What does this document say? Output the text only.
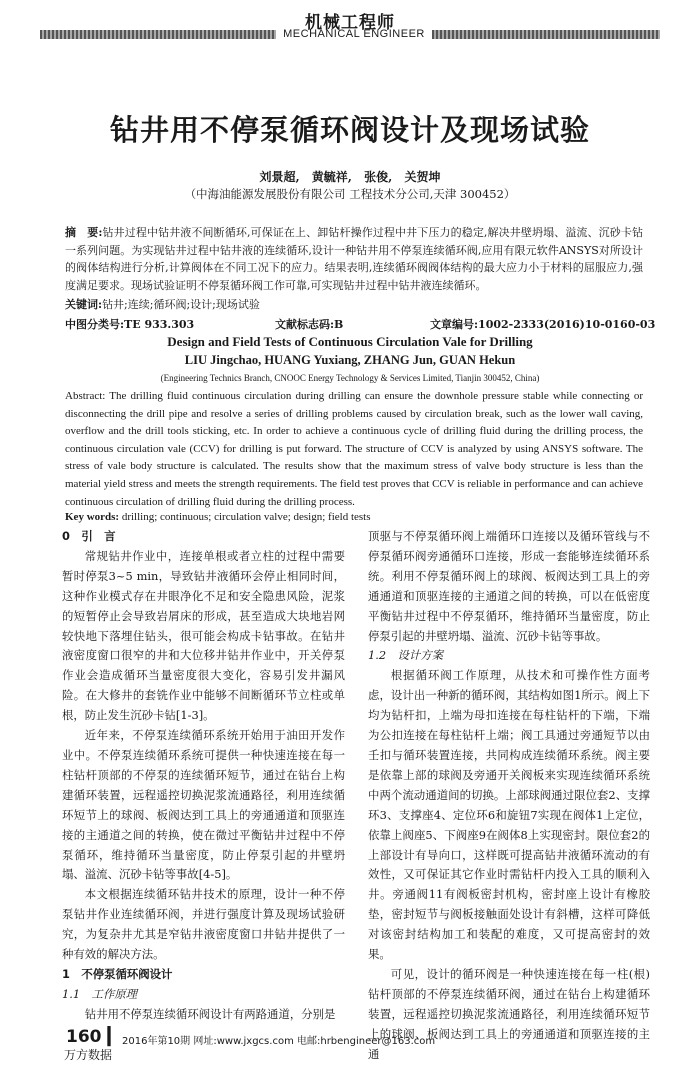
机械工程师
MECHANICAL ENGINEER
钻井用不停泵循环阀设计及现场试验
刘景超, 黄毓祥, 张俊, 关贺坤
（中海油能源发展股份有限公司 工程技术分公司,天津 300452）
摘　要:钻井过程中钻井液不间断循环,可保证在上、卸钻杆操作过程中井下压力的稳定,解决井壁坍塌、溢流、沉砂卡钻一系列问题。为实现钻井过程中钻井液的连续循环,设计一种钻井用不停泵连续循环阀,应用有限元软件ANSYS对所设计的阀体结构进行分析,计算阀体在不同工况下的应力。结果表明,连续循环阀阀体结构的最大应力小于材料的屈服应力,强度满足要求。现场试验证明不停泵循环阀工作可靠,可实现钻井过程中钻井液连续循环。
关键词:钻井;连续;循环阀;设计;现场试验
中图分类号:TE 933.303	文献标志码:B	文章编号:1002-2333(2016)10-0160-03
Design and Field Tests of Continuous Circulation Vale for Drilling
LIU Jingchao, HUANG Yuxiang, ZHANG Jun, GUAN Hekun
(Engineering Technics Branch, CNOOC Energy Technology & Services Limited, Tianjin 300452, China)
Abstract: The drilling fluid continuous circulation during drilling can ensure the downhole pressure stable while connecting or disconnecting the drill pipe and resolve a series of drilling problems caused by circulation break, such as the lower wall caving, overflow and the drill tools sticking, etc. In order to achieve a continuous cycle of drilling fluid during the drilling process, the continuous circulation vale (CCV) for drilling is put forward. The structure of CCV is analyzed by using ANSYS software. The stress of vale body structure is calculated. The results show that the maximum stress of valve body structure is less than the material yield stress and meets the strength requirements. The field test proves that CCV is reliable in performance and can achieve continuous circulation of drilling fluid during the drilling process.
Key words: drilling; continuous; circulation valve; design; field tests
0　引　言
常规钻井作业中，连接单根或者立柱的过程中需要暂时停泵3~5 min，导致钻井液循环会停止相同时间，这种作业模式存在井眼净化不足和安全隐患风险，泥浆的短暂停止会导致岩屑床的形成，甚至造成大块地岩网较快地下落埋住钻头，很可能会构成卡钻事故。在钻井液密度窗口很窄的井和大位移井钻井作业中，开关停泵作业会造成循环当量密度很大变化，容易引发井漏风险。在大修井的套铣作业中能够不间断循环节立柱或单根，防止发生沉砂卡钻[1-3]。
近年来，不停泵连续循环系统开始用于油田开发作业中。不停泵连续循环系统可提供一种快速连接在每一柱钻杆顶部的不停泵的连续循环短节，通过在钻台上构建循环装置，远程遥控切换泥浆流通路径，利用连续循环短节上的球阀、板阀达到工具上的旁通通道和顶驱连接的主通道之间的转换，使在微过平衡钻井过程中不停泵循环，维持循环当量密度，防止停泵引起的井壁坍塌、溢流、沉砂卡钻等事故[4-5]。
本文根据连续循环钻井技术的原理，设计一种不停泵钻井作业连续循环阀，并进行强度计算及现场试验研究，为复杂井尤其是窄钻井液密度窗口井钻井提供了一种有效的解决方法。
1　不停泵循环阀设计
1.1　工作原理
钻井用不停泵连续循环阀设计有两路通道，分别是
顶驱与不停泵循环阀上端循环口连接以及循环管线与不停泵循环阀旁通循环口连接，形成一套能够连续循环系统。利用不停泵循环阀上的球阀、板阀达到工具上的旁通通道和顶驱连接的主通道之间的转换，可以在低密度平衡钻井过程中不停泵循环，维持循环当量密度，防止停泵引起的井壁坍塌、溢流、沉砂卡钻等事故。
1.2　设计方案
根据循环阀工作原理，从技术和可操作性方面考虑，设计出一种新的循环阀，其结构如图1所示。阀上下均为钻杆扣，上端为母扣连接在每柱钻杆的下端，下端为公扣连接在每柱钻杆上端；阀工具通过旁通短节以由壬扣与循环装置连接，共同构成连续循环系统。阀主要是依靠上部的球阀及旁通开关阀板来实现连续循环系统中两个流动通道间的切换。上部球阀通过限位套2、支撑环3、支撑座4、定位环6和旋钮7实现在阀体1上定位，依靠上阀座5、下阀座9在阀体8上实现密封。限位套2的上部设计有导向口，这样既可提高钻井液循环流动的有效性，又可保证其它作业时需钻杆内投入工具的顺利入井。旁通阀11有阀板密封机构，密封座上设计有橡胶垫，密封短节与阀板接触面处设计有斜槽，这样可降低对该密封结构加工和装配的难度，又可提高密封的效果。
可见，设计的循环阀是一种快速连接在每一柱(根)钻杆顶部的不停泵连续循环阀，通过在钻台上构建循环装置，远程遥控切换泥浆流通路径，利用连续循环短节上的球阀、板阀达到工具上的旁通通道和顶驱连接的主通
160 ▎ 2016年第10期 网址:www.jxgcs.com 电邮:hrbengineer@163.com
万方数据
